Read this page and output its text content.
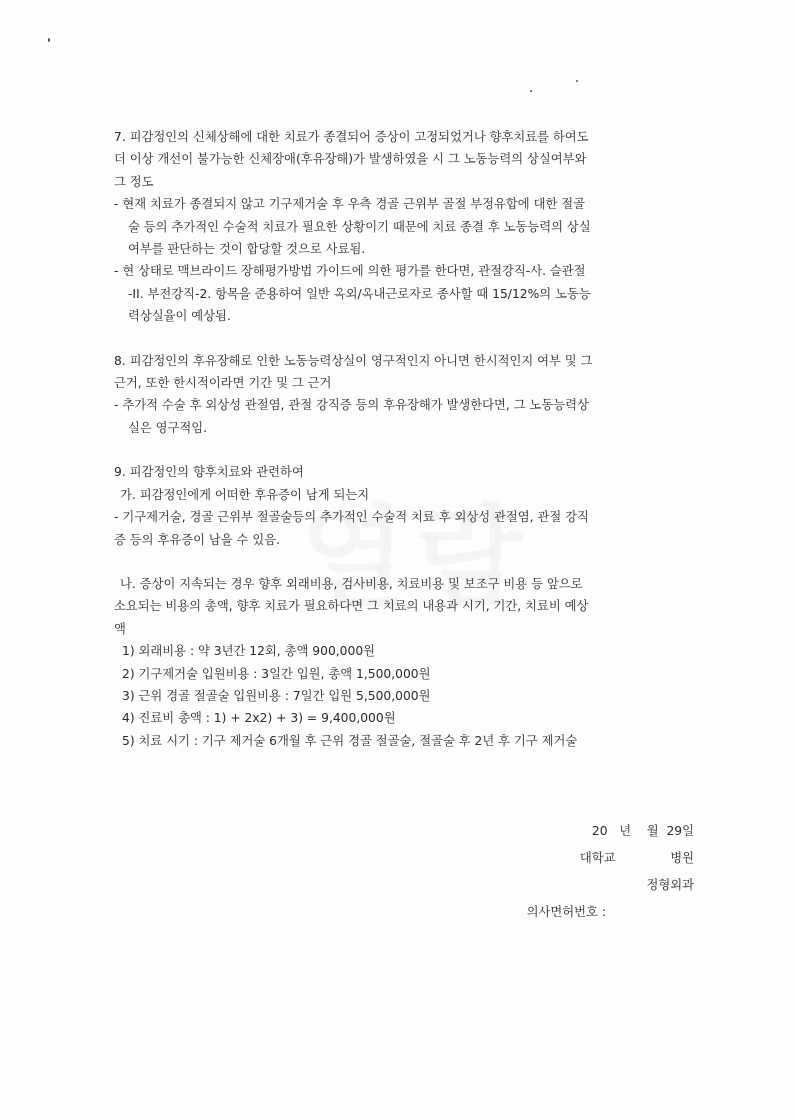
7. 피감정인의 신체상해에 대한 치료가 종결되어 증상이 고정되었거나 향후치료를 하여도

더 이상 개선이 불가능한 신체장애(후유장해)가 발생하였을 시 그 노동능력의 상실여부와

그 정도

- 현재 치료가 종결되지 않고 기구제거술 후 우측 경골 근위부 골절 부정유합에 대한 절골

술 등의 추가적인 수술적 치료가 필요한 상황이기 때문에 치료 종결 후 노동능력의 상실

여부를 판단하는 것이 합당할 것으로 사료됨.

- 현 상태로 맥브라이드 장해평가방법 가이드에 의한 평가를 한다면, 관절강직-사. 슬관절

-II. 부전강직-2. 항목을 준용하여 일반 옥외/옥내근로자로 종사할 때 15/12%의 노동능

력상실율이 예상됨.

8. 피감정인의 후유장해로 인한 노동능력상실이 영구적인지 아니면 한시적인지 여부 및 그

근거, 또한 한시적이라면 기간 및 그 근거

- 추가적 수술 후 외상성 관절염, 관절 강직증 등의 후유장해가 발생한다면, 그 노동능력상

실은 영구적임.

9. 피감정인의 향후치료와 관련하여

가. 피감정인에게 어떠한 후유증이 남게 되는지

- 기구제거술, 경골 근위부 절골술등의 추가적인 수술적 치료 후 외상성 관절염, 관절 강직

증 등의 후유증이 남을 수 있음.

나. 증상이 지속되는 경우 향후 외래비용, 검사비용, 치료비용 및 보조구 비용 등 앞으로

소요되는 비용의 총액, 향후 치료가 필요하다면 그 치료의 내용과 시기, 기간, 치료비 예상

액

1) 외래비용 : 약 3년간 12회, 총액 900,000원

2) 기구제거술 입원비용 : 3일간 입원, 총액 1,500,000원

3) 근위 경골 절골술 입원비용 : 7일간 입원 5,500,000원

4) 진료비 총액 : 1) + 2x2) + 3) = 9,400,000원

5) 치료 시기 : 기구 제거술 6개월 후 근위 경골 절골술, 절골술 후 2년 후 기구 제거술

20   년    월  29일

대학교              병원

정형외과

의사면허번호 :
